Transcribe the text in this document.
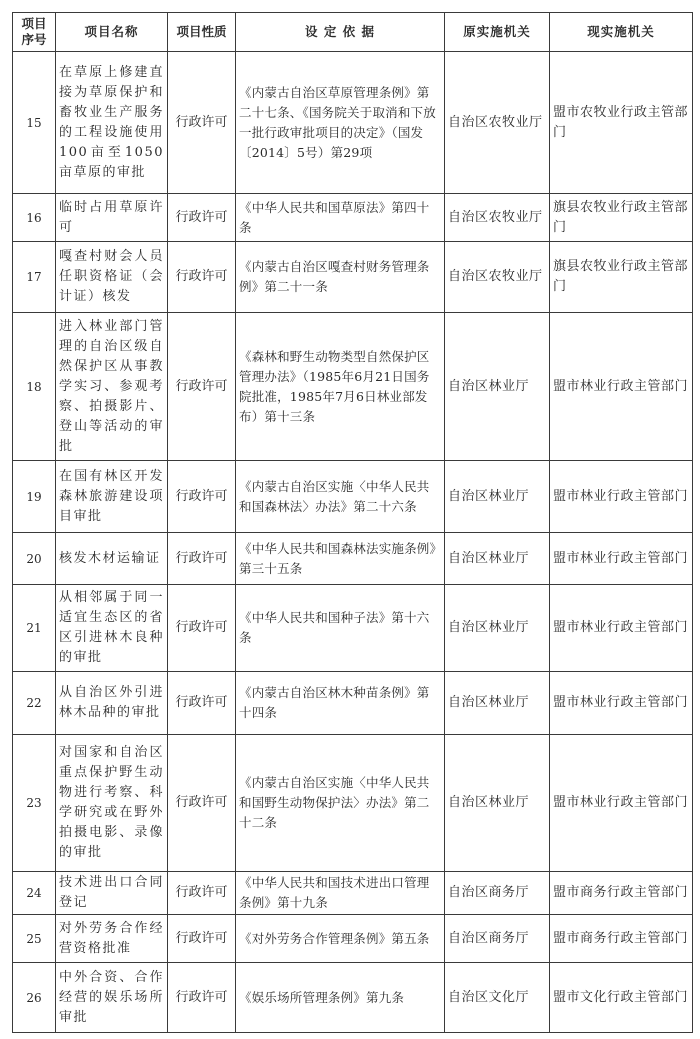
项目序号	项目名称	项目性质	设 定 依 据	原实施机关	现实施机关
15	在草原上修建直接为草原保护和畜牧业生产服务的工程设施使用100亩至1050亩草原的审批	行政许可	《内蒙古自治区草原管理条例》第二十七条、《国务院关于取消和下放一批行政审批项目的决定》（国发〔2014〕5号）第29项	自治区农牧业厅	盟市农牧业行政主管部门
16	临时占用草原许可	行政许可	《中华人民共和国草原法》第四十条	自治区农牧业厅	旗县农牧业行政主管部门
17	嘎查村财会人员任职资格证（会计证）核发	行政许可	《内蒙古自治区嘎查村财务管理条例》第二十一条	自治区农牧业厅	旗县农牧业行政主管部门
18	进入林业部门管理的自治区级自然保护区从事教学实习、参观考察、拍摄影片、登山等活动的审批	行政许可	《森林和野生动物类型自然保护区管理办法》（1985年6月21日国务院批准，1985年7月6日林业部发布）第十三条	自治区林业厅	盟市林业行政主管部门
19	在国有林区开发森林旅游建设项目审批	行政许可	《内蒙古自治区实施〈中华人民共和国森林法〉办法》第二十六条	自治区林业厅	盟市林业行政主管部门
20	核发木材运输证	行政许可	《中华人民共和国森林法实施条例》第三十五条	自治区林业厅	盟市林业行政主管部门
21	从相邻属于同一适宜生态区的省区引进林木良种的审批	行政许可	《中华人民共和国种子法》第十六条	自治区林业厅	盟市林业行政主管部门
22	从自治区外引进林木品种的审批	行政许可	《内蒙古自治区林木种苗条例》第十四条	自治区林业厅	盟市林业行政主管部门
23	对国家和自治区重点保护野生动物进行考察、科学研究或在野外拍摄电影、录像的审批	行政许可	《内蒙古自治区实施〈中华人民共和国野生动物保护法〉办法》第二十二条	自治区林业厅	盟市林业行政主管部门
24	技术进出口合同登记	行政许可	《中华人民共和国技术进出口管理条例》第十九条	自治区商务厅	盟市商务行政主管部门
25	对外劳务合作经营资格批准	行政许可	《对外劳务合作管理条例》第五条	自治区商务厅	盟市商务行政主管部门
26	中外合资、合作经营的娱乐场所审批	行政许可	《娱乐场所管理条例》第九条	自治区文化厅	盟市文化行政主管部门
